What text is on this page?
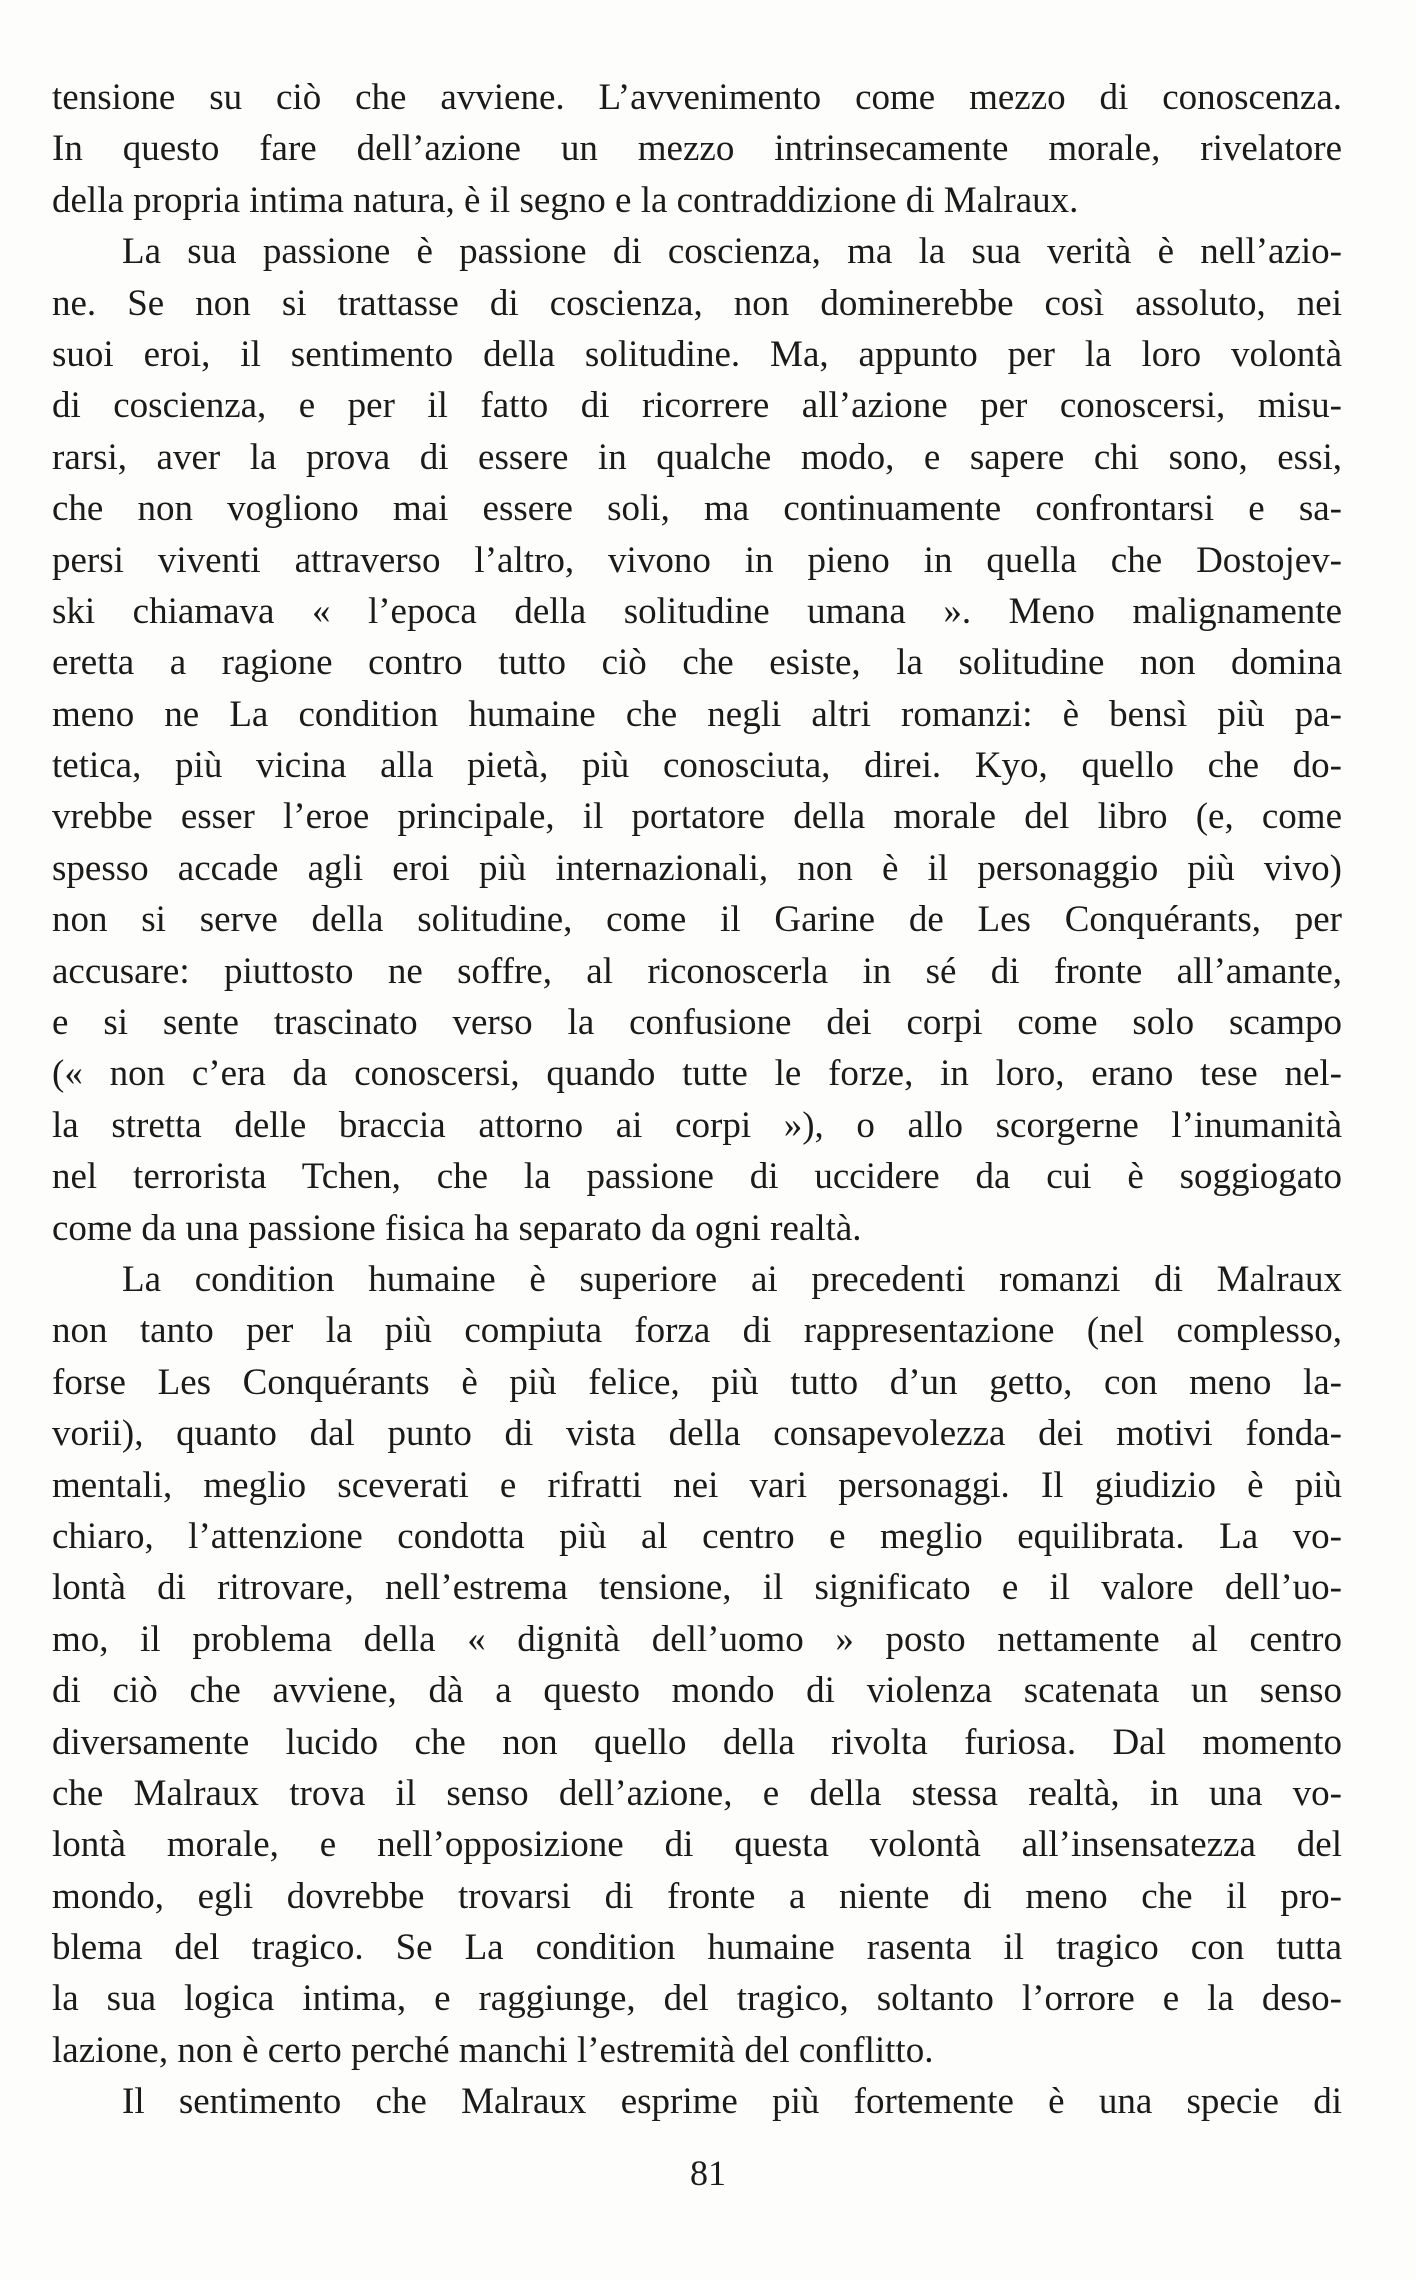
tensione su ciò che avviene. L’avvenimento come mezzo di conoscenza.
In questo fare dell’azione un mezzo intrinsecamente morale, rivelatore
della propria intima natura, è il segno e la contraddizione di Malraux.
La sua passione è passione di coscienza, ma la sua verità è nell’azio-
ne. Se non si trattasse di coscienza, non dominerebbe così assoluto, nei
suoi eroi, il sentimento della solitudine. Ma, appunto per la loro volontà
di coscienza, e per il fatto di ricorrere all’azione per conoscersi, misu-
rarsi, aver la prova di essere in qualche modo, e sapere chi sono, essi,
che non vogliono mai essere soli, ma continuamente confrontarsi e sa-
persi viventi attraverso l’altro, vivono in pieno in quella che Dostojev-
ski chiamava « l’epoca della solitudine umana ». Meno malignamente
eretta a ragione contro tutto ciò che esiste, la solitudine non domina
meno ne La condition humaine che negli altri romanzi: è bensì più pa-
tetica, più vicina alla pietà, più conosciuta, direi. Kyo, quello che do-
vrebbe esser l’eroe principale, il portatore della morale del libro (e, come
spesso accade agli eroi più internazionali, non è il personaggio più vivo)
non si serve della solitudine, come il Garine de Les Conquérants, per
accusare: piuttosto ne soffre, al riconoscerla in sé di fronte all’amante,
e si sente trascinato verso la confusione dei corpi come solo scampo
(« non c’era da conoscersi, quando tutte le forze, in loro, erano tese nel-
la stretta delle braccia attorno ai corpi »), o allo scorgerne l’inumanità
nel terrorista Tchen, che la passione di uccidere da cui è soggiogato
come da una passione fisica ha separato da ogni realtà.
La condition humaine è superiore ai precedenti romanzi di Malraux
non tanto per la più compiuta forza di rappresentazione (nel complesso,
forse Les Conquérants è più felice, più tutto d’un getto, con meno la-
vorii), quanto dal punto di vista della consapevolezza dei motivi fonda-
mentali, meglio sceverati e rifratti nei vari personaggi. Il giudizio è più
chiaro, l’attenzione condotta più al centro e meglio equilibrata. La vo-
lontà di ritrovare, nell’estrema tensione, il significato e il valore dell’uo-
mo, il problema della « dignità dell’uomo » posto nettamente al centro
di ciò che avviene, dà a questo mondo di violenza scatenata un senso
diversamente lucido che non quello della rivolta furiosa. Dal momento
che Malraux trova il senso dell’azione, e della stessa realtà, in una vo-
lontà morale, e nell’opposizione di questa volontà all’insensatezza del
mondo, egli dovrebbe trovarsi di fronte a niente di meno che il pro-
blema del tragico. Se La condition humaine rasenta il tragico con tutta
la sua logica intima, e raggiunge, del tragico, soltanto l’orrore e la deso-
lazione, non è certo perché manchi l’estremità del conflitto.
Il sentimento che Malraux esprime più fortemente è una specie di
81
